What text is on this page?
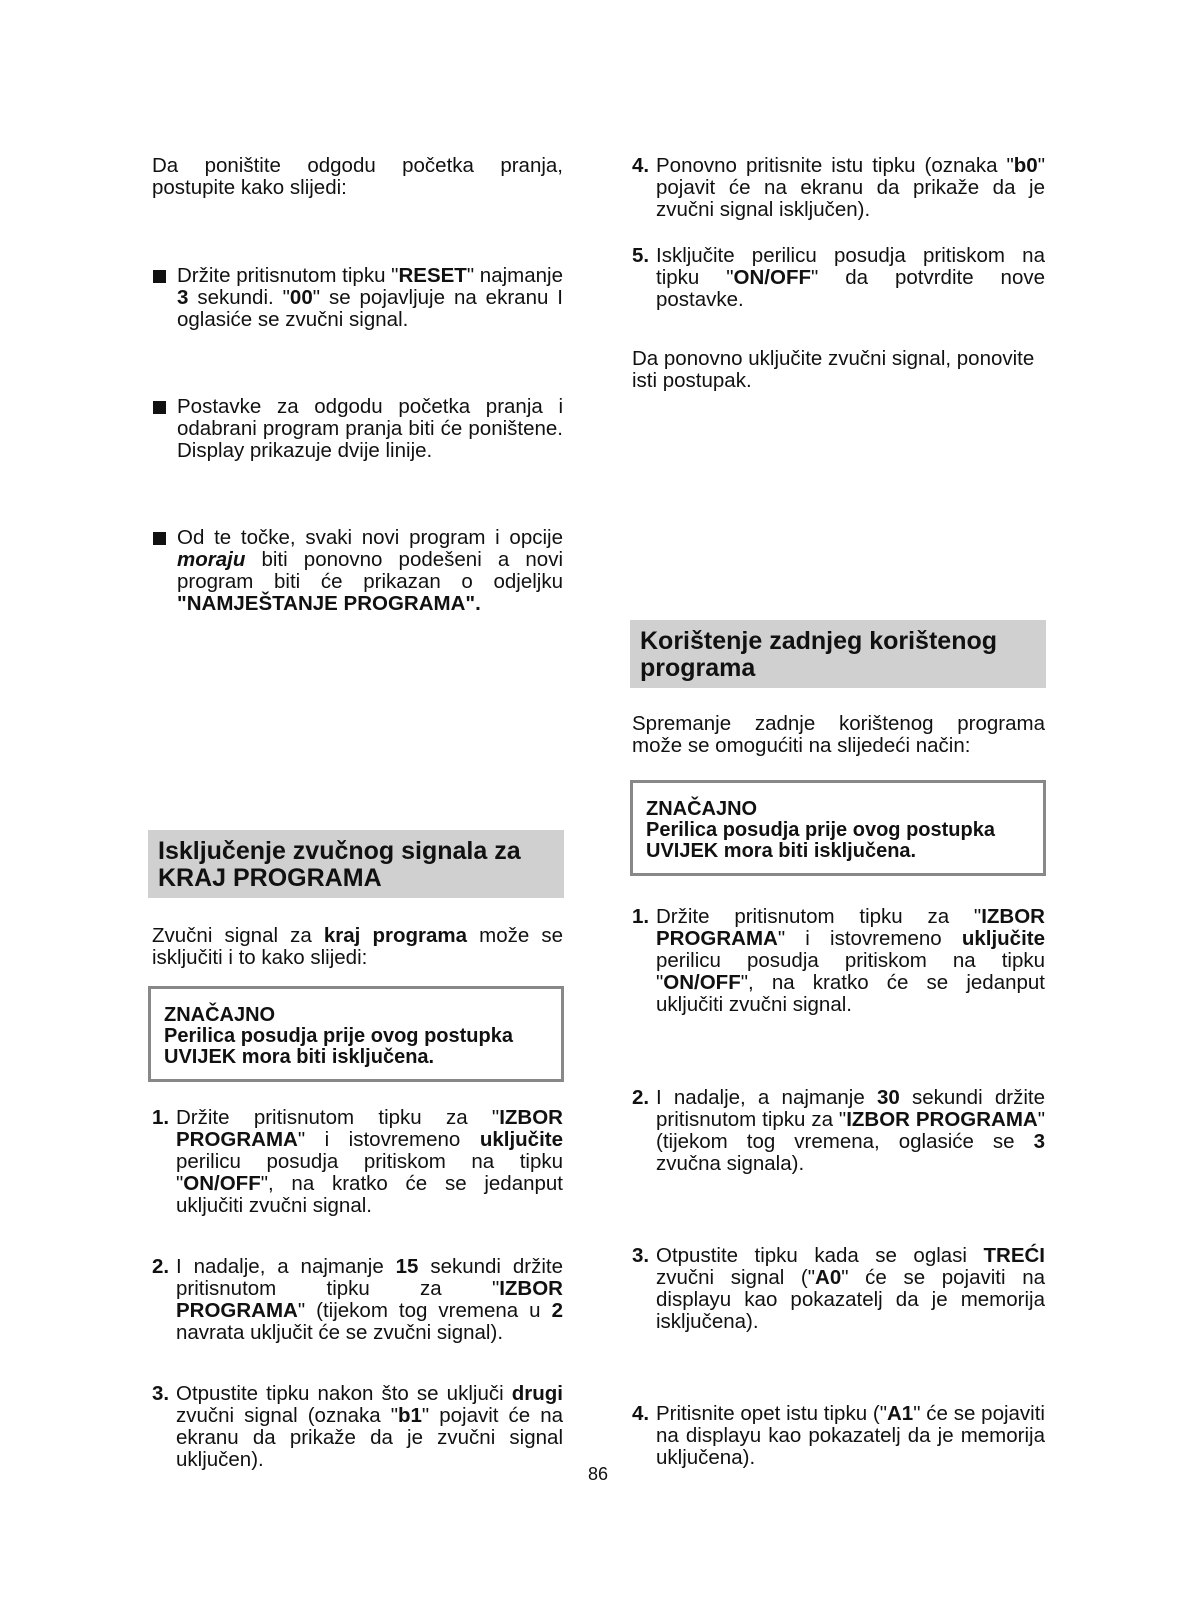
Da poništite odgodu početka pranja, postupite kako slijedi:
Držite pritisnutom tipku "RESET" najmanje 3 sekundi. "00" se pojavljuje na ekranu I oglasiće se zvučni signal.
Postavke za odgodu početka pranja i odabrani program pranja biti će poništene. Display prikazuje dvije linije.
Od te točke, svaki novi program i opcije moraju biti ponovno podešeni a novi program biti će prikazan o odjeljku "NAMJEŠTANJE PROGRAMA".
Isključenje zvučnog signala za KRAJ PROGRAMA
Zvučni signal za kraj programa može se isključiti i to kako slijedi:
ZNAČAJNO
Perilica posudja prije ovog postupka
UVIJEK mora biti isključena.
1. Držite pritisnutom tipku za "IZBOR PROGRAMA" i istovremeno uključite perilicu posudja pritiskom na tipku "ON/OFF", na kratko će se jedanput uključiti zvučni signal.
2. I nadalje, a najmanje 15 sekundi držite pritisnutom tipku za "IZBOR PROGRAMA" (tijekom tog vremena u 2 navrata uključit će se zvučni signal).
3. Otpustite tipku nakon što se uključi drugi zvučni signal (oznaka "b1" pojavit će na ekranu da prikaže da je zvučni signal uključen).
4. Ponovno pritisnite istu tipku (oznaka "b0" pojavit će na ekranu da prikaže da je zvučni signal isključen).
5. Isključite perilicu posudja pritiskom na tipku "ON/OFF" da potvrdite nove postavke.
Da ponovno uključite zvučni signal, ponovite isti postupak.
Korištenje zadnjeg korištenog programa
Spremanje zadnje korištenog programa može se omogućiti na slijedeći način:
ZNAČAJNO
Perilica posudja prije ovog postupka
UVIJEK mora biti isključena.
1. Držite pritisnutom tipku za "IZBOR PROGRAMA" i istovremeno uključite perilicu posudja pritiskom na tipku "ON/OFF", na kratko će se jedanput uključiti zvučni signal.
2. I nadalje, a najmanje 30 sekundi držite pritisnutom tipku za "IZBOR PROGRAMA" (tijekom tog vremena, oglasiće se 3 zvučna signala).
3. Otpustite tipku kada se oglasi TREĆI zvučni signal ("A0" će se pojaviti na displayu kao pokazatelj da je memorija isključena).
4. Pritisnite opet istu tipku ("A1" će se pojaviti na displayu kao pokazatelj da je memorija uključena).
86
